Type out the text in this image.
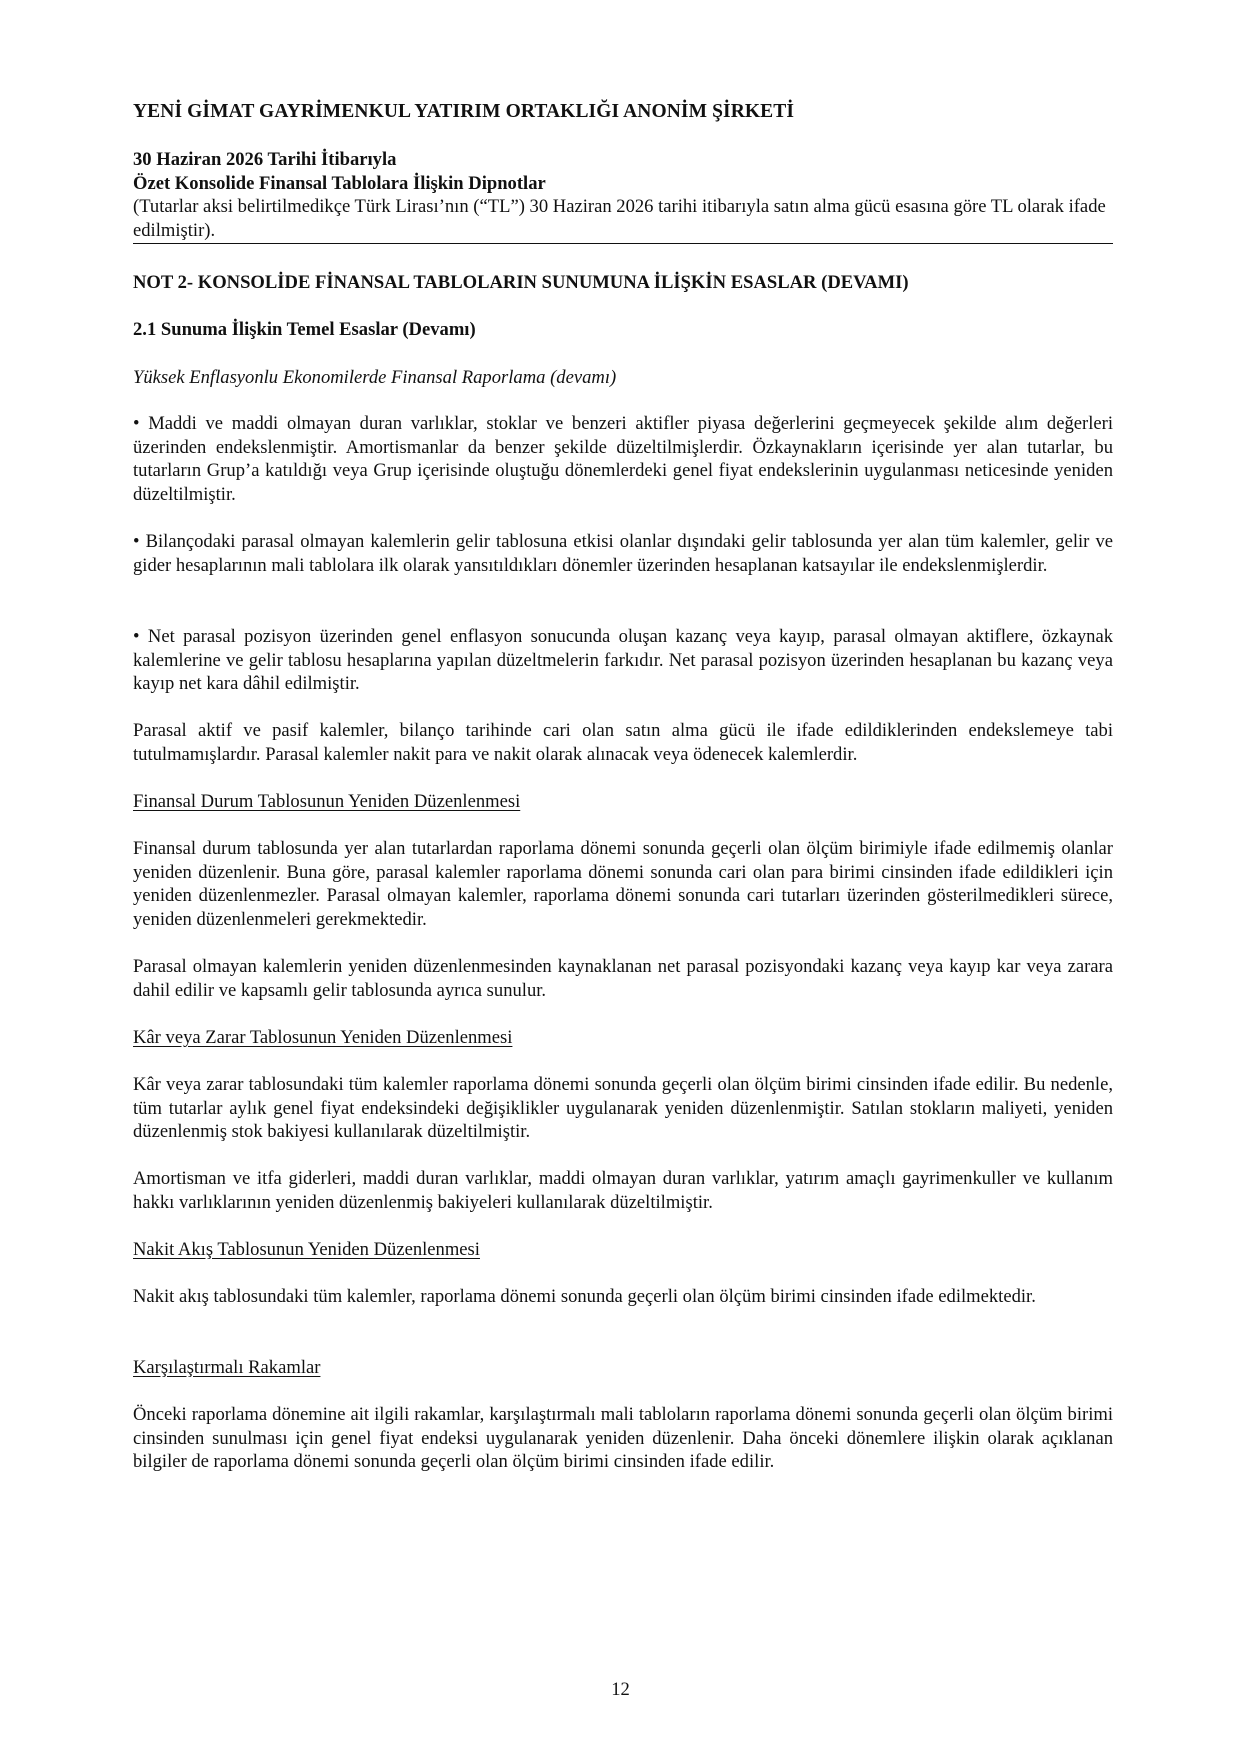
YENİ GİMAT GAYRİMENKUL YATIRIM ORTAKLIĞI ANONİM ŞİRKETİ

30 Haziran 2026 Tarihi İtibarıyla

Özet Konsolide Finansal Tablolara İlişkin Dipnotlar

(Tutarlar aksi belirtilmedikçe Türk Lirası’nın (“TL”) 30 Haziran 2026 tarihi itibarıyla satın alma gücü esasına göre TL olarak ifade edilmiştir).

NOT 2- KONSOLİDE FİNANSAL TABLOLARIN SUNUMUNA İLİŞKİN ESASLAR (DEVAMI)

2.1 Sunuma İlişkin Temel Esaslar (Devamı)

Yüksek Enflasyonlu Ekonomilerde Finansal Raporlama (devamı)

• Maddi ve maddi olmayan duran varlıklar, stoklar ve benzeri aktifler piyasa değerlerini geçmeyecek şekilde alım değerleri üzerinden endekslenmiştir. Amortismanlar da benzer şekilde düzeltilmişlerdir. Özkaynakların içerisinde yer alan tutarlar, bu tutarların Grup’a katıldığı veya Grup içerisinde oluştuğu dönemlerdeki genel fiyat endekslerinin uygulanması neticesinde yeniden düzeltilmiştir.

• Bilançodaki parasal olmayan kalemlerin gelir tablosuna etkisi olanlar dışındaki gelir tablosunda yer alan tüm kalemler, gelir ve gider hesaplarının mali tablolara ilk olarak yansıtıldıkları dönemler üzerinden hesaplanan katsayılar ile endekslenmişlerdir.

• Net parasal pozisyon üzerinden genel enflasyon sonucunda oluşan kazanç veya kayıp, parasal olmayan aktiflere, özkaynak kalemlerine ve gelir tablosu hesaplarına yapılan düzeltmelerin farkıdır. Net parasal pozisyon üzerinden hesaplanan bu kazanç veya kayıp net kara dâhil edilmiştir.

Parasal aktif ve pasif kalemler, bilanço tarihinde cari olan satın alma gücü ile ifade edildiklerinden endekslemeye tabi tutulmamışlardır. Parasal kalemler nakit para ve nakit olarak alınacak veya ödenecek kalemlerdir.

Finansal Durum Tablosunun Yeniden Düzenlenmesi

Finansal durum tablosunda yer alan tutarlardan raporlama dönemi sonunda geçerli olan ölçüm birimiyle ifade edilmemiş olanlar yeniden düzenlenir. Buna göre, parasal kalemler raporlama dönemi sonunda cari olan para birimi cinsinden ifade edildikleri için yeniden düzenlenmezler. Parasal olmayan kalemler, raporlama dönemi sonunda cari tutarları üzerinden gösterilmedikleri sürece, yeniden düzenlenmeleri gerekmektedir.

Parasal olmayan kalemlerin yeniden düzenlenmesinden kaynaklanan net parasal pozisyondaki kazanç veya kayıp kar veya zarara dahil edilir ve kapsamlı gelir tablosunda ayrıca sunulur.

Kâr veya Zarar Tablosunun Yeniden Düzenlenmesi

Kâr veya zarar tablosundaki tüm kalemler raporlama dönemi sonunda geçerli olan ölçüm birimi cinsinden ifade edilir. Bu nedenle, tüm tutarlar aylık genel fiyat endeksindeki değişiklikler uygulanarak yeniden düzenlenmiştir. Satılan stokların maliyeti, yeniden düzenlenmiş stok bakiyesi kullanılarak düzeltilmiştir.

Amortisman ve itfa giderleri, maddi duran varlıklar, maddi olmayan duran varlıklar, yatırım amaçlı gayrimenkuller ve kullanım hakkı varlıklarının yeniden düzenlenmiş bakiyeleri kullanılarak düzeltilmiştir.

Nakit Akış Tablosunun Yeniden Düzenlenmesi

Nakit akış tablosundaki tüm kalemler, raporlama dönemi sonunda geçerli olan ölçüm birimi cinsinden ifade edilmektedir.

Karşılaştırmalı Rakamlar

Önceki raporlama dönemine ait ilgili rakamlar, karşılaştırmalı mali tabloların raporlama dönemi sonunda geçerli olan ölçüm birimi cinsinden sunulması için genel fiyat endeksi uygulanarak yeniden düzenlenir. Daha önceki dönemlere ilişkin olarak açıklanan bilgiler de raporlama dönemi sonunda geçerli olan ölçüm birimi cinsinden ifade edilir.

12
